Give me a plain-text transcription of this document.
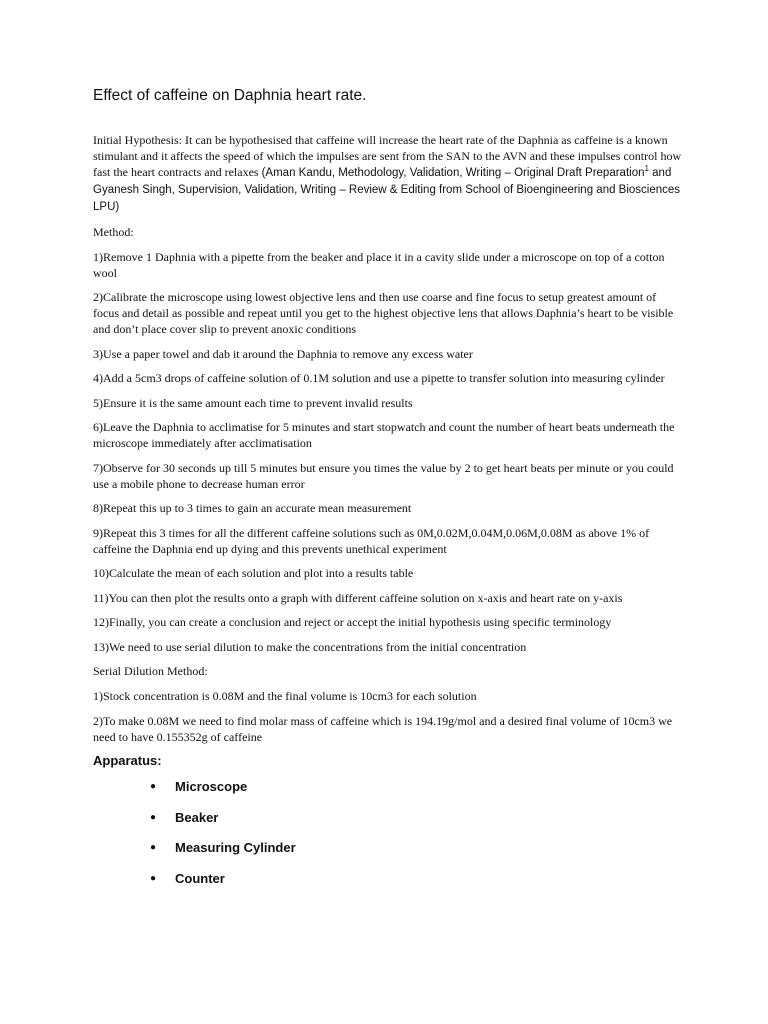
Effect of caffeine on Daphnia heart rate.

Initial Hypothesis: It can be hypothesised that caffeine will increase the heart rate of the Daphnia as caffeine is a known stimulant and it affects the speed of which the impulses are sent from the SAN to the AVN and these impulses control how fast the heart contracts and relaxes (Aman Kandu, Methodology, Validation, Writing – Original Draft Preparation$^1$ and Gyanesh Singh, Supervision, Validation, Writing – Review & Editing from School of Bioengineering and Biosciences LPU)

Method:

1)Remove 1 Daphnia with a pipette from the beaker and place it in a cavity slide under a microscope on top of a cotton wool

2)Calibrate the microscope using lowest objective lens and then use coarse and fine focus to setup greatest amount of focus and detail as possible and repeat until you get to the highest objective lens that allows Daphnia’s heart to be visible and don’t place cover slip to prevent anoxic conditions

3)Use a paper towel and dab it around the Daphnia to remove any excess water

4)Add a 5cm3 drops of caffeine solution of 0.1M solution and use a pipette to transfer solution into measuring cylinder

5)Ensure it is the same amount each time to prevent invalid results

6)Leave the Daphnia to acclimatise for 5 minutes and start stopwatch and count the number of heart beats underneath the microscope immediately after acclimatisation

7)Observe for 30 seconds up till 5 minutes but ensure you times the value by 2 to get heart beats per minute or you could use a mobile phone to decrease human error

8)Repeat this up to 3 times to gain an accurate mean measurement

9)Repeat this 3 times for all the different caffeine solutions such as 0M,0.02M,0.04M,0.06M,0.08M as above 1% of caffeine the Daphnia end up dying and this prevents unethical experiment

10)Calculate the mean of each solution and plot into a results table

11)You can then plot the results onto a graph with different caffeine solution on x-axis and heart rate on y-axis

12)Finally, you can create a conclusion and reject or accept the initial hypothesis using specific terminology

13)We need to use serial dilution to make the concentrations from the initial concentration

Serial Dilution Method:

1)Stock concentration is 0.08M and the final volume is 10cm3 for each solution

2)To make 0.08M we need to find molar mass of caffeine which is 194.19g/mol and a desired final volume of 10cm3 we need to have 0.155352g of caffeine

Apparatus:

● Microscope
● Beaker
● Measuring Cylinder
● Counter
